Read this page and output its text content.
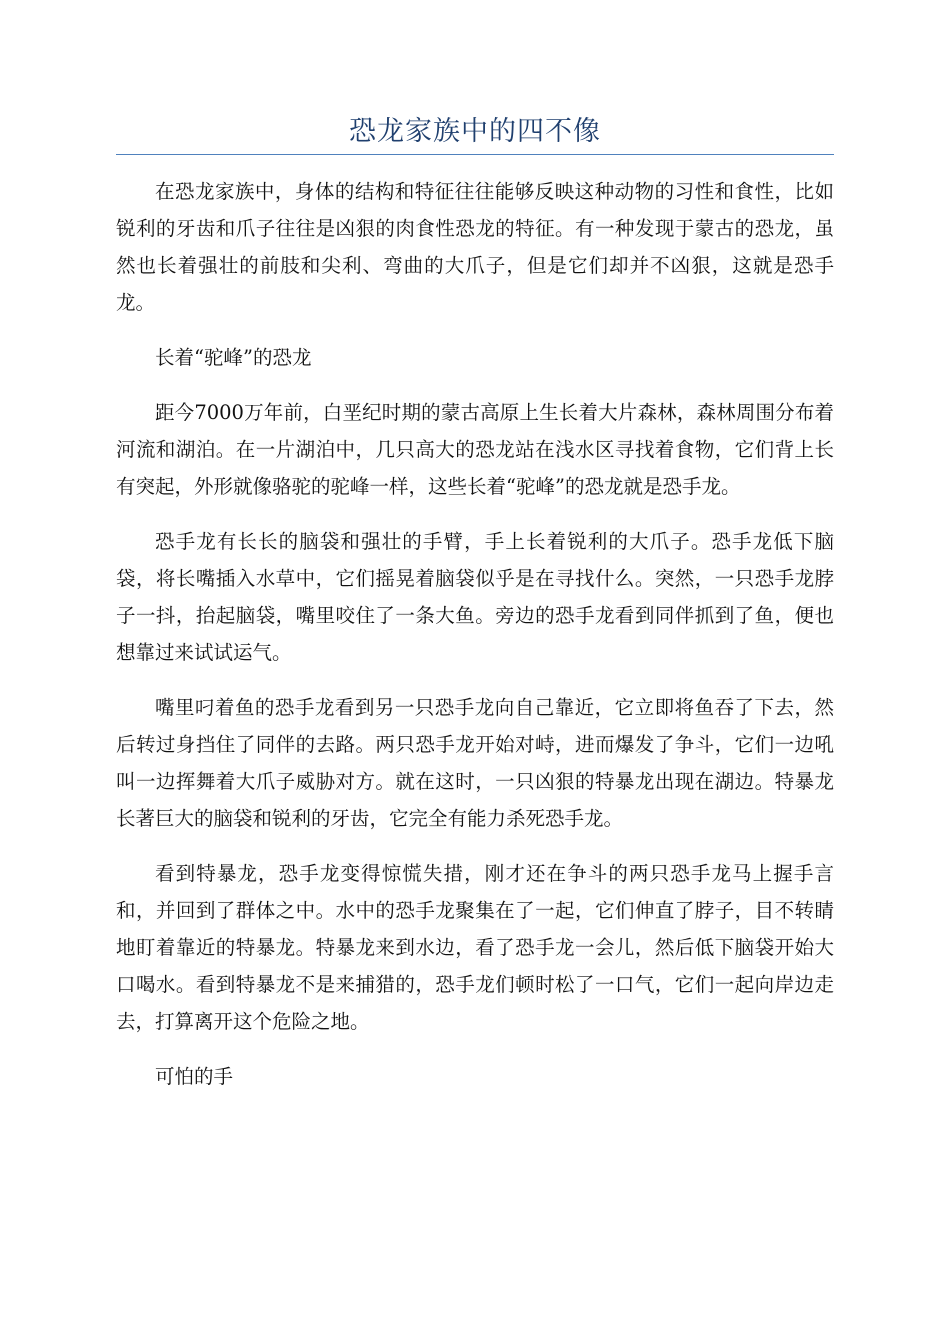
恐龙家族中的四不像

在恐龙家族中，身体的结构和特征往往能够反映这种动物的习性和食性，比如锐利的牙齿和爪子往往是凶狠的肉食性恐龙的特征。有一种发现于蒙古的恐龙，虽然也长着强壮的前肢和尖利、弯曲的大爪子，但是它们却并不凶狠，这就是恐手龙。

长着“驼峰”的恐龙

距今7000万年前，白垩纪时期的蒙古高原上生长着大片森林，森林周围分布着河流和湖泊。在一片湖泊中，几只高大的恐龙站在浅水区寻找着食物，它们背上长有突起，外形就像骆驼的驼峰一样，这些长着“驼峰”的恐龙就是恐手龙。

恐手龙有长长的脑袋和强壮的手臂，手上长着锐利的大爪子。恐手龙低下脑袋，将长嘴插入水草中，它们摇晃着脑袋似乎是在寻找什么。突然，一只恐手龙脖子一抖，抬起脑袋，嘴里咬住了一条大鱼。旁边的恐手龙看到同伴抓到了鱼，便也想靠过来试试运气。

嘴里叼着鱼的恐手龙看到另一只恐手龙向自己靠近，它立即将鱼吞了下去，然后转过身挡住了同伴的去路。两只恐手龙开始对峙，进而爆发了争斗，它们一边吼叫一边挥舞着大爪子威胁对方。就在这时，一只凶狠的特暴龙出现在湖边。特暴龙长著巨大的脑袋和锐利的牙齿，它完全有能力杀死恐手龙。

看到特暴龙，恐手龙变得惊慌失措，刚才还在争斗的两只恐手龙马上握手言和，并回到了群体之中。水中的恐手龙聚集在了一起，它们伸直了脖子，目不转睛地盯着靠近的特暴龙。特暴龙来到水边，看了恐手龙一会儿，然后低下脑袋开始大口喝水。看到特暴龙不是来捕猎的，恐手龙们顿时松了一口气，它们一起向岸边走去，打算离开这个危险之地。

可怕的手
